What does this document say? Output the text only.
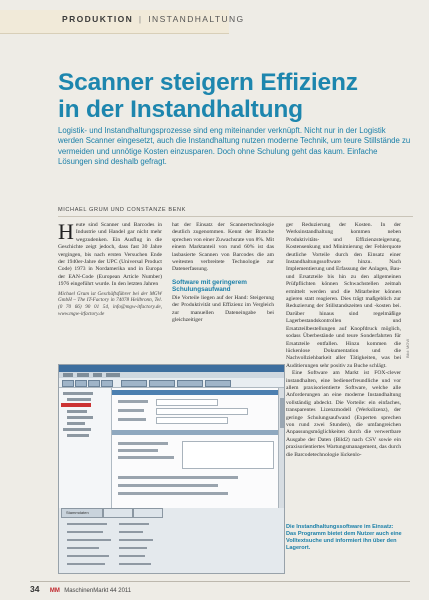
PRODUKTION | INSTANDHALTUNG
Scanner steigern Effizienz
in der Instandhaltung
Logistik- und Instandhaltungsprozesse sind eng miteinander verknüpft. Nicht nur in der Logistik werden Scanner eingesetzt, auch die Instandhaltung nutzen moderne Technik, um teure Stillstände zu vermeiden und unnötige Kosten einzusparen. Doch ohne Schulung geht das kaum. Einfache Lösungen sind deshalb gefragt.
MICHAEL GRUM UND CONSTANZE BENK

Heute sind Scanner und Barcodes in Industrie und Handel gar nicht mehr wegzudenken. Ein Ausflug in die Geschichte zeigt jedoch, dass fast 30 Jahre vergingen, bis nach ersten Versuchen Ende der 1940er-Jahre der UPC (Universal Product Code) 1973 in Nordamerika und in Europa der EAN-Code (European Article Number) 1976 eingeführt wurde. In den letzten Jahren

Michael Grum ist Geschäftsführer bei der MGW GmbH – The IT-Factory in 74078 Heilbronn, Tel. (0 70 66) 90 01 54, info@mgw-itfactory.de, www.mgw-itfactory.de

hat der Einsatz der Scannertechnologie deutlich zugenommen. Kennt der Branche sprechen von einer Zuwachsrate von 8%. Mit einem Marktanteil von rund 60% ist das lasbasierte Scannen von Barcodes die am weitesten verbreitete Technologie zur Datenerfassung.

Software mit geringerem Schulungsaufwand

Die Vorteile liegen auf der Hand: Steigerung der Produktivität und Effizienz im Vergleich zur manuellen Dateneingabe bei gleichzeitiger

ger Reduzierung der Kosten. In der Werksinstandhaltung kommen neben Produktivitäts- und Effizienzsteigerung, Kostensenkung und Minimierung der Fehlerquote deutliche Vorteile durch den Einsatz einer Instandhaltungssoftware hinzu. Nach Implementierung und Erfassung der Anlagen, Bau- und Ersatzteile bis hin zu den allgemeinen Prüfpflichten können Schwachstellen zeitnah ermittelt werden und die Mitarbeiter können agieren statt reagieren. Dies trägt maßgeblich zur Reduzierung der Stillstandszeiten und -kosten bei. Darüber hinaus sind regelmäßige Lagerbestandskontrollen und Ersatzteilbestellungen auf Knopfdruck möglich, sodass Überbestände und teure Sonderfahrten für Ersatzteile entfallen. Hinzu kommen die lückenlose Dokumentation und die Nachvollziehbarkeit aller Tätigkeiten, was bei Auditierungen sehr positiv zu Buche schlägt.

Eine Software am Markt ist FOX-clever instandhalten, eine bedienerfreundliche und vor allem praxisorientierte Software, welche alle Anforderungen an eine moderne Instandhaltung vollständig abdeckt. Die Vorteile: ein einfaches, transparentes Lizenzmodell (Werkslizenz), der geringe Schulungsaufwand (Experten sprechen von rund zwei Stunden), die umfangreichen Anpassungsmöglichkeiten durch die verwertbare Ausgabe der Daten (Bild2) nach CSV sowie ein praxisorientiertes Wartungsmanagement, das durch die Barcodetechnologie lückenlo-

Bild: MGW
Stammdaten
Die Instandhaltungssoftware im Einsatz: Das Programm bietet dem Nutzer auch eine Volltextsuche und informiert ihn über den Lagerort.
34 MM MaschinenMarkt 44 2011
